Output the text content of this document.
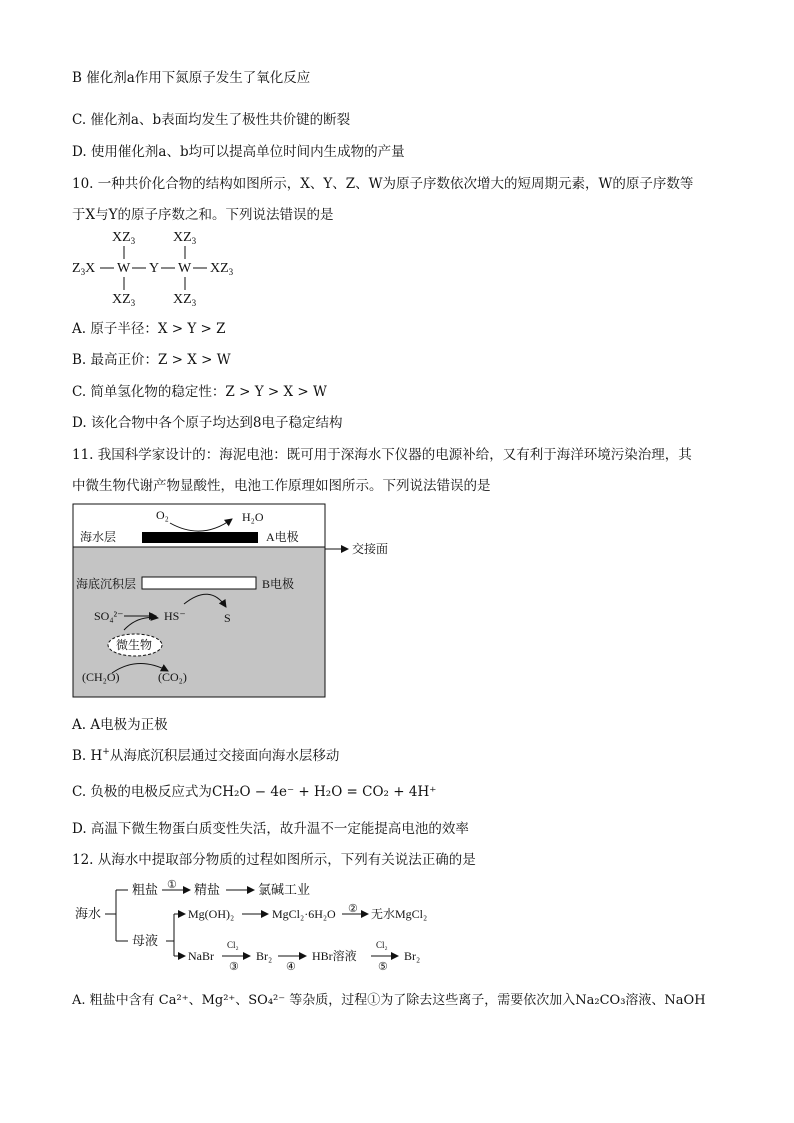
B 催化剂a作用下氮原子发生了氧化反应
C. 催化剂a、b表面均发生了极性共价键的断裂
D. 使用催化剂a、b均可以提高单位时间内生成物的产量
10. 一种共价化合物的结构如图所示，X、Y、Z、W为原子序数依次增大的短周期元素，W的原子序数等
于X与Y的原子序数之和。下列说法错误的是
$XZ_3$	$XZ_3$
$Z_3X$ W Y W $XZ_3$
$XZ_3$	$XZ_3$
A. 原子半径：X > Y > Z
B. 最高正价：Z > X > W
C. 简单氢化物的稳定性：Z > Y > X > W
D. 该化合物中各个原子均达到8电子稳定结构
11. 我国科学家设计的：海泥电池：既可用于深海水下仪器的电源补给，又有利于海洋环境污染治理，其
中微生物代谢产物显酸性，电池工作原理如图所示。下列说法错误的是
O₂	H₂O
海水层	A电极
交接面
海底沉积层	B电极
SO₄²⁻	HS⁻	S
微生物
(CH₂O)	(CO₂)
A. A电极为正极
B. H+从海底沉积层通过交接面向海水层移动
C. 负极的电极反应式为CH₂O − 4e⁻ + H₂O = CO₂ + 4H⁺
D. 高温下微生物蛋白质变性失活，故升温不一定能提高电池的效率
12. 从海水中提取部分物质的过程如图所示，下列有关说法正确的是
海水
粗盐 ① 精盐	氯碱工业
母液
Mg(OH)₂	MgCl₂·6H₂O ② 无水MgCl₂
NaBr
Cl₂
③
Br₂
④
HBr溶液
Cl₂
⑤
Br₂
A. 粗盐中含有 Ca²⁺、Mg²⁺、SO₄²⁻ 等杂质，过程①为了除去这些离子，需要依次加入Na₂CO₃溶液、NaOH
